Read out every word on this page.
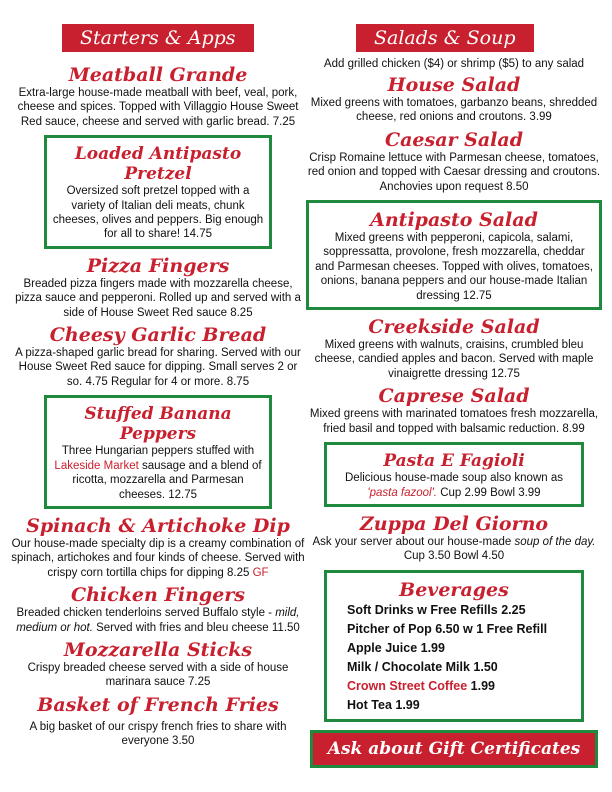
Starters & Apps
Meatball Grande
Extra-large house-made meatball with beef, veal, pork, cheese and spices. Topped with Villaggio House Sweet Red sauce, cheese and served with garlic bread. 7.25
Loaded Antipasto Pretzel
Oversized soft pretzel topped with a variety of Italian deli meats, chunk cheeses, olives and peppers. Big enough for all to share! 14.75
Pizza Fingers
Breaded pizza fingers made with mozzarella cheese, pizza sauce and pepperoni. Rolled up and served with a side of House Sweet Red sauce 8.25
Cheesy Garlic Bread
A pizza-shaped garlic bread for sharing. Served with our House Sweet Red sauce for dipping. Small serves 2 or so. 4.75 Regular for 4 or more. 8.75
Stuffed Banana Peppers
Three Hungarian peppers stuffed with Lakeside Market sausage and a blend of ricotta, mozzarella and Parmesan cheeses. 12.75
Spinach & Artichoke Dip
Our house-made specialty dip is a creamy combination of spinach, artichokes and four kinds of cheese. Served with crispy corn tortilla chips for dipping 8.25 GF
Chicken Fingers
Breaded chicken tenderloins served Buffalo style - mild, medium or hot. Served with fries and bleu cheese 11.50
Mozzarella Sticks
Crispy breaded cheese served with a side of house marinara sauce 7.25
Basket of French Fries
A big basket of our crispy french fries to share with everyone 3.50
Salads & Soup
Add grilled chicken ($4) or shrimp ($5) to any salad
House Salad
Mixed greens with tomatoes, garbanzo beans, shredded cheese, red onions and croutons. 3.99
Caesar Salad
Crisp Romaine lettuce with Parmesan cheese, tomatoes, red onion and topped with Caesar dressing and croutons. Anchovies upon request 8.50
Antipasto Salad
Mixed greens with pepperoni, capicola, salami, soppressatta, provolone, fresh mozzarella, cheddar and Parmesan cheeses. Topped with olives, tomatoes, onions, banana peppers and our house-made Italian dressing 12.75
Creekside Salad
Mixed greens with walnuts, craisins, crumbled bleu cheese, candied apples and bacon. Served with maple vinaigrette dressing 12.75
Caprese Salad
Mixed greens with marinated tomatoes fresh mozzarella, fried basil and topped with balsamic reduction. 8.99
Pasta E Fagioli
Delicious house-made soup also known as 'pasta fazool'. Cup 2.99 Bowl 3.99
Zuppa Del Giorno
Ask your server about our house-made soup of the day. Cup 3.50 Bowl 4.50
Beverages
Soft Drinks w Free Refills 2.25
Pitcher of Pop 6.50 w 1 Free Refill
Apple Juice 1.99
Milk / Chocolate Milk 1.50
Crown Street Coffee 1.99
Hot Tea 1.99
Ask about Gift Certificates
